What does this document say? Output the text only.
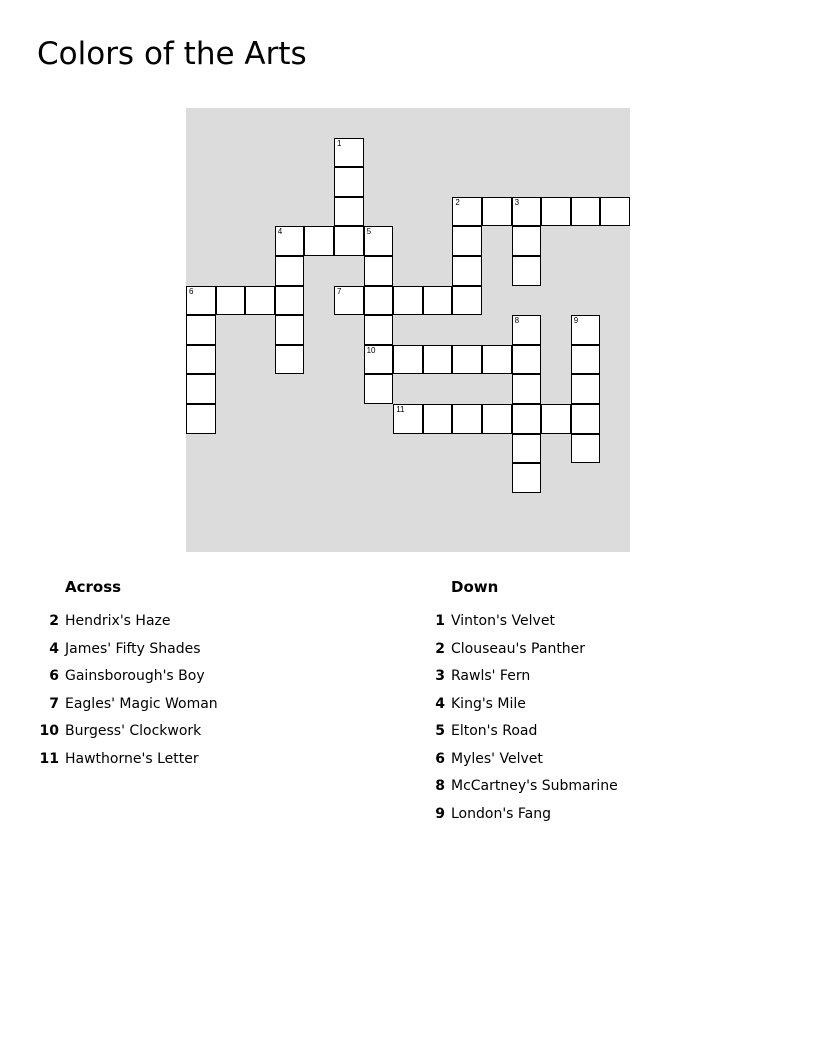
Colors of the Arts
1
2	3
4	5
6	7
8	9
10
11
Across
2 Hendrix's Haze
4 James' Fifty Shades
6 Gainsborough's Boy
7 Eagles' Magic Woman
10 Burgess' Clockwork
11 Hawthorne's Letter
Down
1 Vinton's Velvet
2 Clouseau's Panther
3 Rawls' Fern
4 King's Mile
5 Elton's Road
6 Myles' Velvet
8 McCartney's Submarine
9 London's Fang
